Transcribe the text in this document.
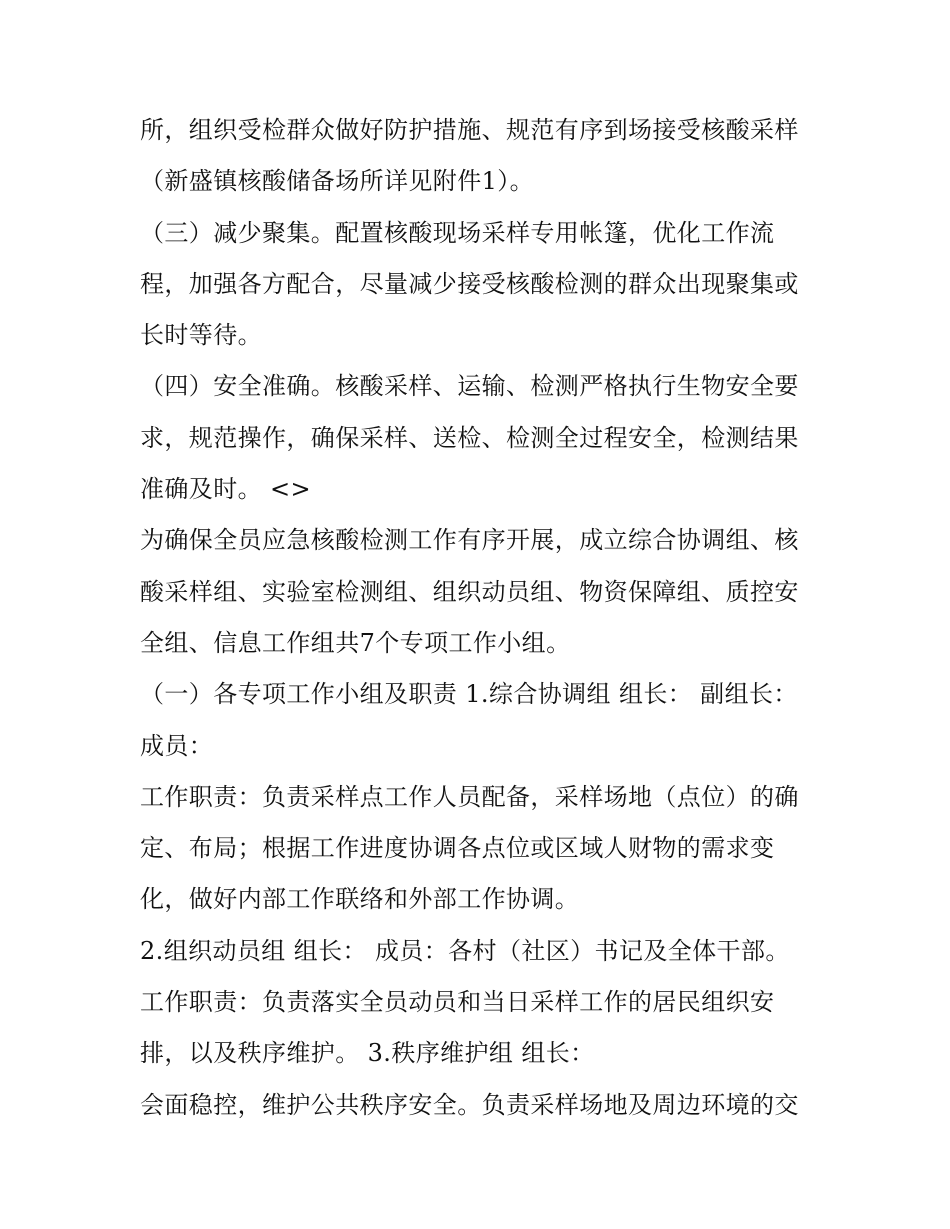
所，组织受检群众做好防护措施、规范有序到场接受核酸采样
（新盛镇核酸储备场所详见附件1）。
（三）减少聚集。配置核酸现场采样专用帐篷，优化工作流
程，加强各方配合，尽量减少接受核酸检测的群众出现聚集或
长时等待。
（四）安全准确。核酸采样、运输、检测严格执行生物安全要
求，规范操作，确保采样、送检、检测全过程安全，检测结果
准确及时。 <>
为确保全员应急核酸检测工作有序开展，成立综合协调组、核
酸采样组、实验室检测组、组织动员组、物资保障组、质控安
全组、信息工作组共7个专项工作小组。
（一）各专项工作小组及职责 1.综合协调组 组长： 副组长：
成员：
工作职责：负责采样点工作人员配备，采样场地（点位）的确
定、布局；根据工作进度协调各点位或区域人财物的需求变
化，做好内部工作联络和外部工作协调。
2.组织动员组 组长： 成员：各村（社区）书记及全体干部。
工作职责：负责落实全员动员和当日采样工作的居民组织安
排，以及秩序维护。 3.秩序维护组 组长：
会面稳控，维护公共秩序安全。负责采样场地及周边环境的交
